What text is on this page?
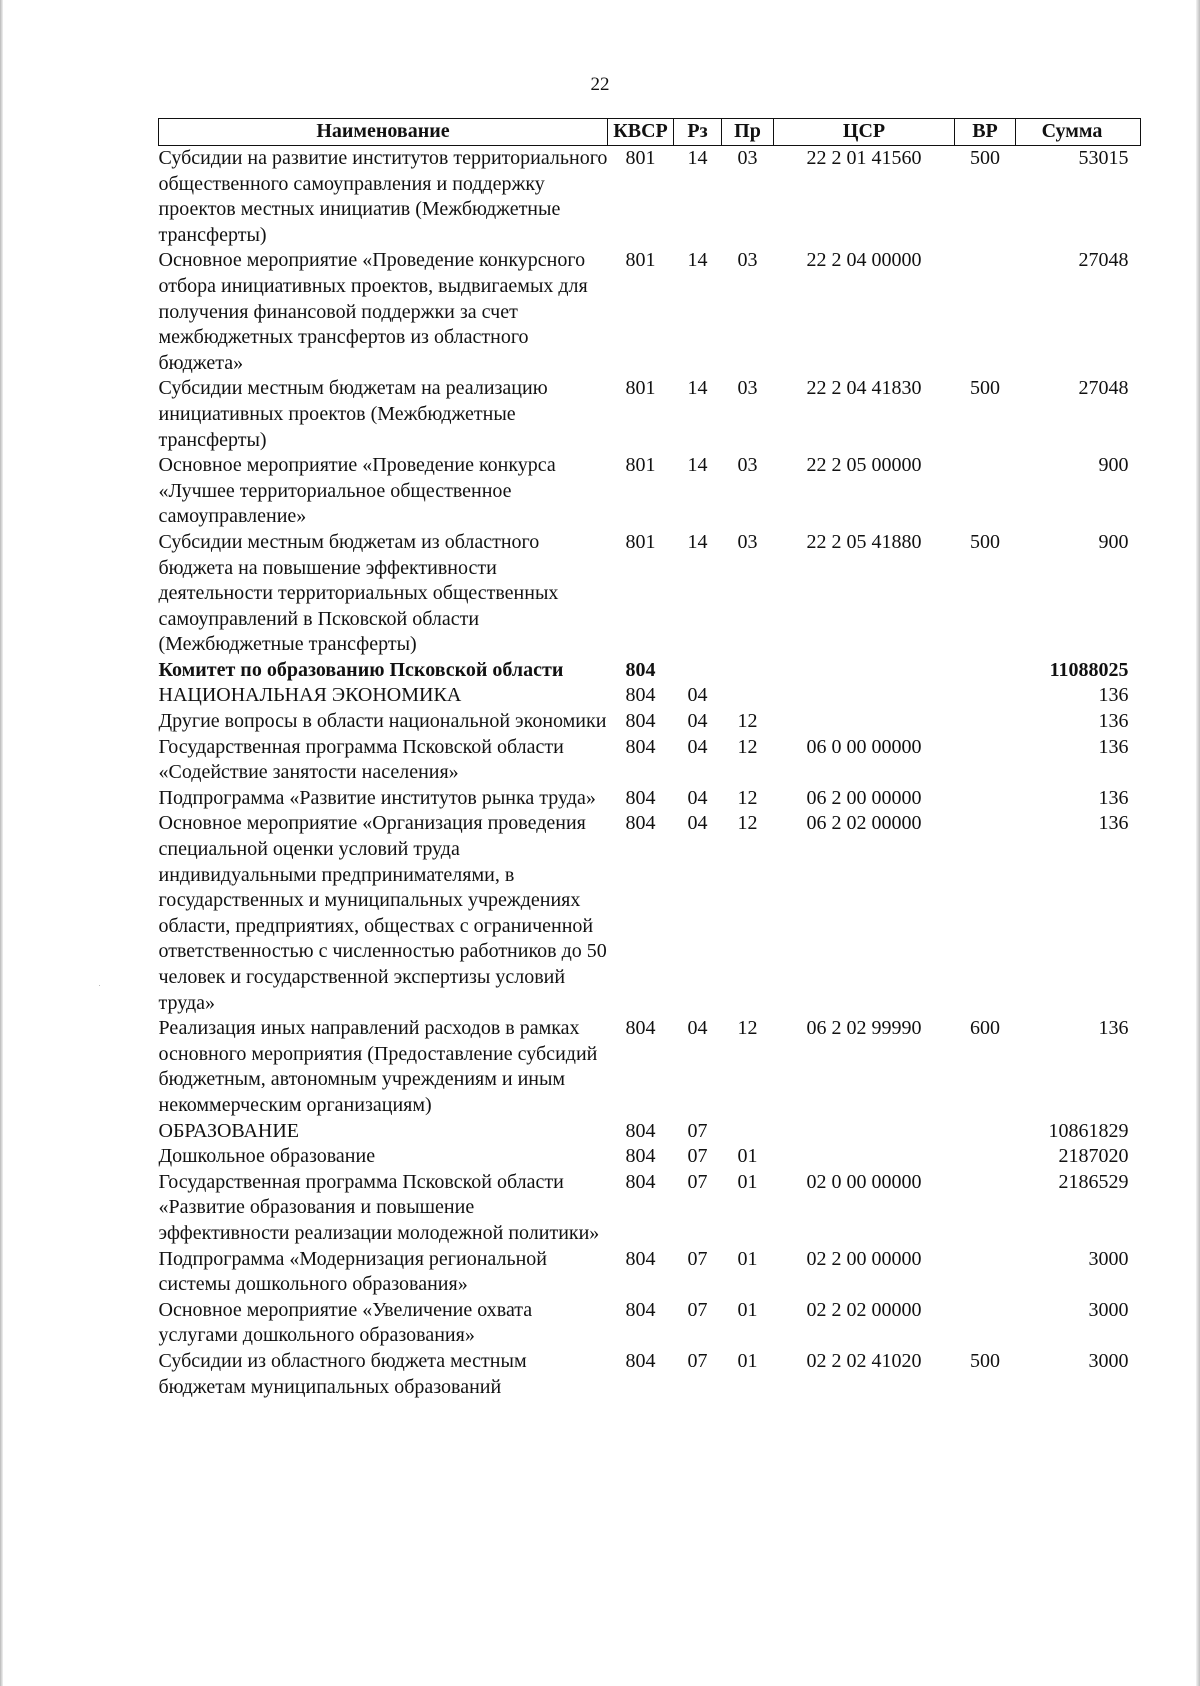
22
Наименование	КВСР	Рз	Пр	ЦСР	ВР	Сумма
Субсидии на развитие институтов территориального общественного самоуправления и поддержку проектов местных инициатив (Межбюджетные трансферты)	801	14	03	22 2 01 41560	500	53015
Основное мероприятие «Проведение конкурсного отбора инициативных проектов, выдвигаемых для получения финансовой поддержки за счет межбюджетных трансфертов из областного бюджета»	801	14	03	22 2 04 00000		27048
Субсидии местным бюджетам на реализацию инициативных проектов (Межбюджетные трансферты)	801	14	03	22 2 04 41830	500	27048
Основное мероприятие «Проведение конкурса «Лучшее территориальное общественное самоуправление»	801	14	03	22 2 05 00000		900
Субсидии местным бюджетам из областного бюджета на повышение эффективности деятельности территориальных общественных самоуправлений в Псковской области (Межбюджетные трансферты)	801	14	03	22 2 05 41880	500	900
Комитет по образованию Псковской области	804					11088025
НАЦИОНАЛЬНАЯ ЭКОНОМИКА	804	04				136
Другие вопросы в области национальной экономики	804	04	12			136
Государственная программа Псковской области «Содействие занятости населения»	804	04	12	06 0 00 00000		136
Подпрограмма «Развитие институтов рынка труда»	804	04	12	06 2 00 00000		136
Основное мероприятие «Организация проведения специальной оценки условий труда индивидуальными предпринимателями, в государственных и муниципальных учреждениях области, предприятиях, обществах с ограниченной ответственностью с численностью работников до 50 человек и государственной экспертизы условий труда»	804	04	12	06 2 02 00000		136
Реализация иных направлений расходов в рамках основного мероприятия (Предоставление субсидий бюджетным, автономным учреждениям и иным некоммерческим организациям)	804	04	12	06 2 02 99990	600	136
ОБРАЗОВАНИЕ	804	07				10861829
Дошкольное образование	804	07	01			2187020
Государственная программа Псковской области «Развитие образования и повышение эффективности реализации молодежной политики»	804	07	01	02 0 00 00000		2186529
Подпрограмма «Модернизация региональной системы дошкольного образования»	804	07	01	02 2 00 00000		3000
Основное мероприятие «Увеличение охвата услугами дошкольного образования»	804	07	01	02 2 02 00000		3000
Субсидии из областного бюджета местным бюджетам муниципальных образований	804	07	01	02 2 02 41020	500	3000
